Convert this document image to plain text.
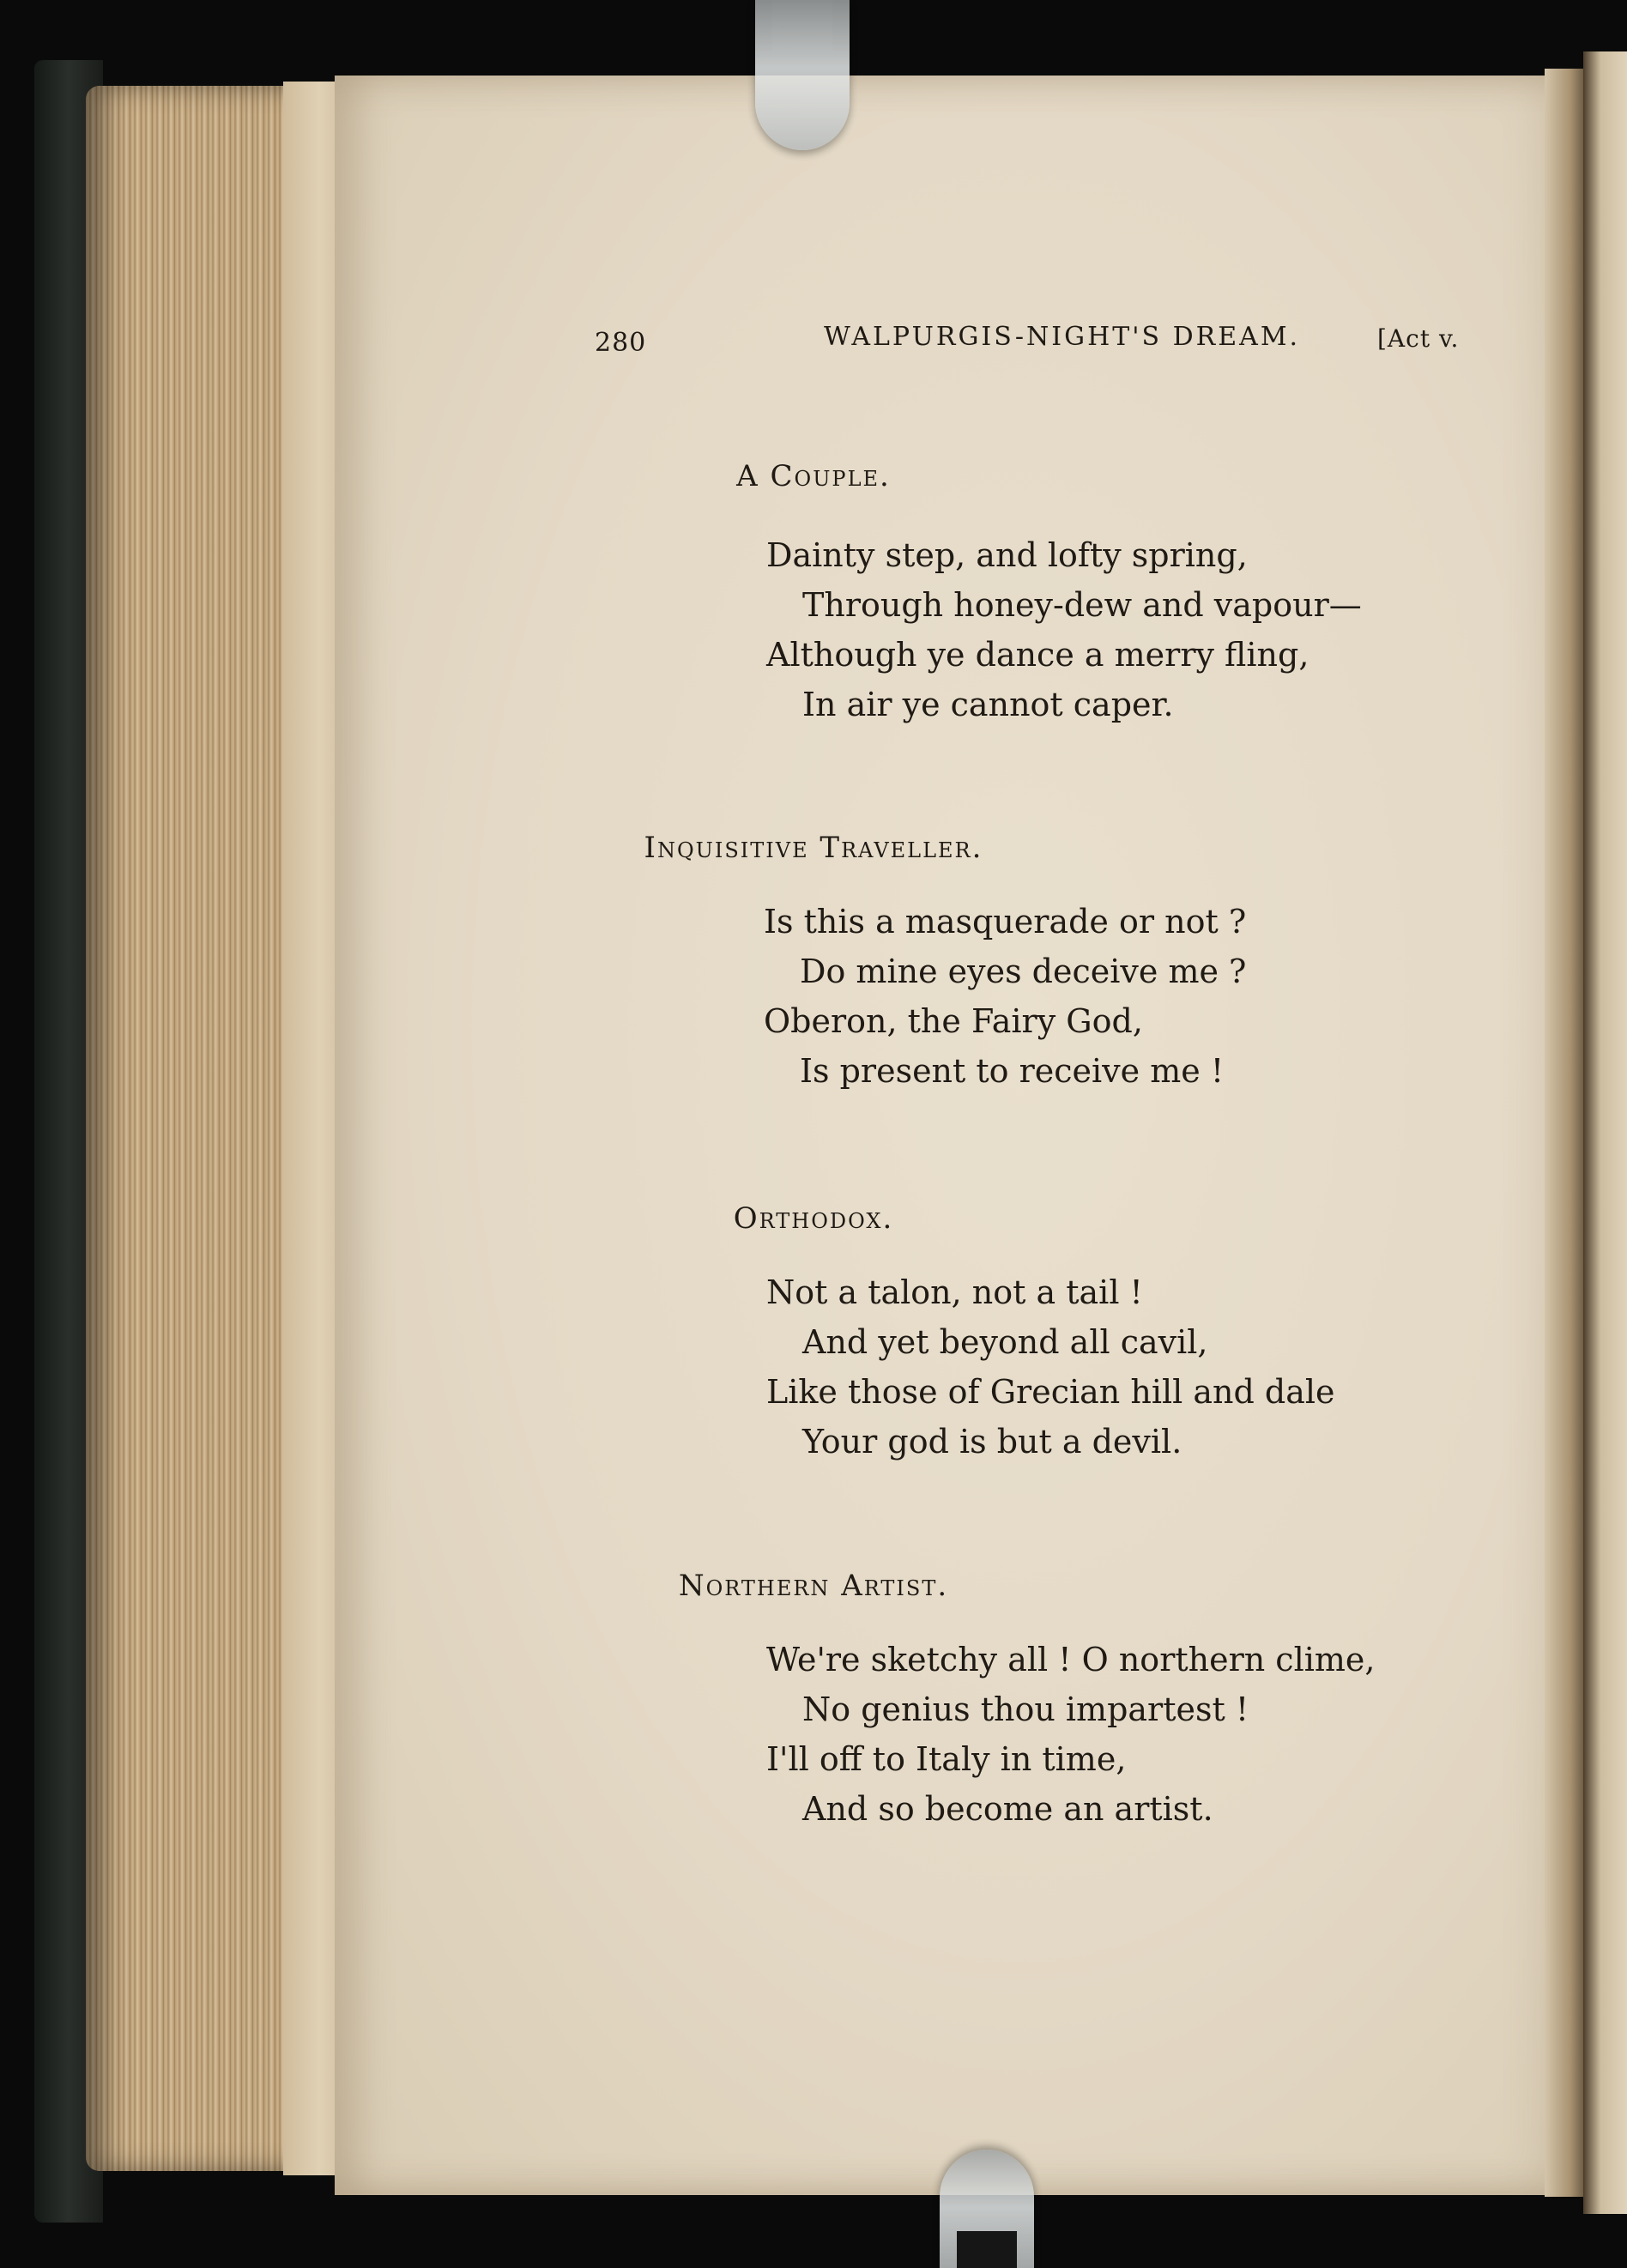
280	WALPURGIS-NIGHT'S DREAM.	[Act v.
A Couple.
Dainty step, and lofty spring,
Through honey-dew and vapour—
Although ye dance a merry fling,
In air ye cannot caper.
Inquisitive Traveller.
Is this a masquerade or not ?
Do mine eyes deceive me ?
Oberon, the Fairy God,
Is present to receive me !
Orthodox.
Not a talon, not a tail !
And yet beyond all cavil,
Like those of Grecian hill and dale
Your god is but a devil.
Northern Artist.
We're sketchy all ! O northern clime,
No genius thou impartest !
I'll off to Italy in time,
And so become an artist.
